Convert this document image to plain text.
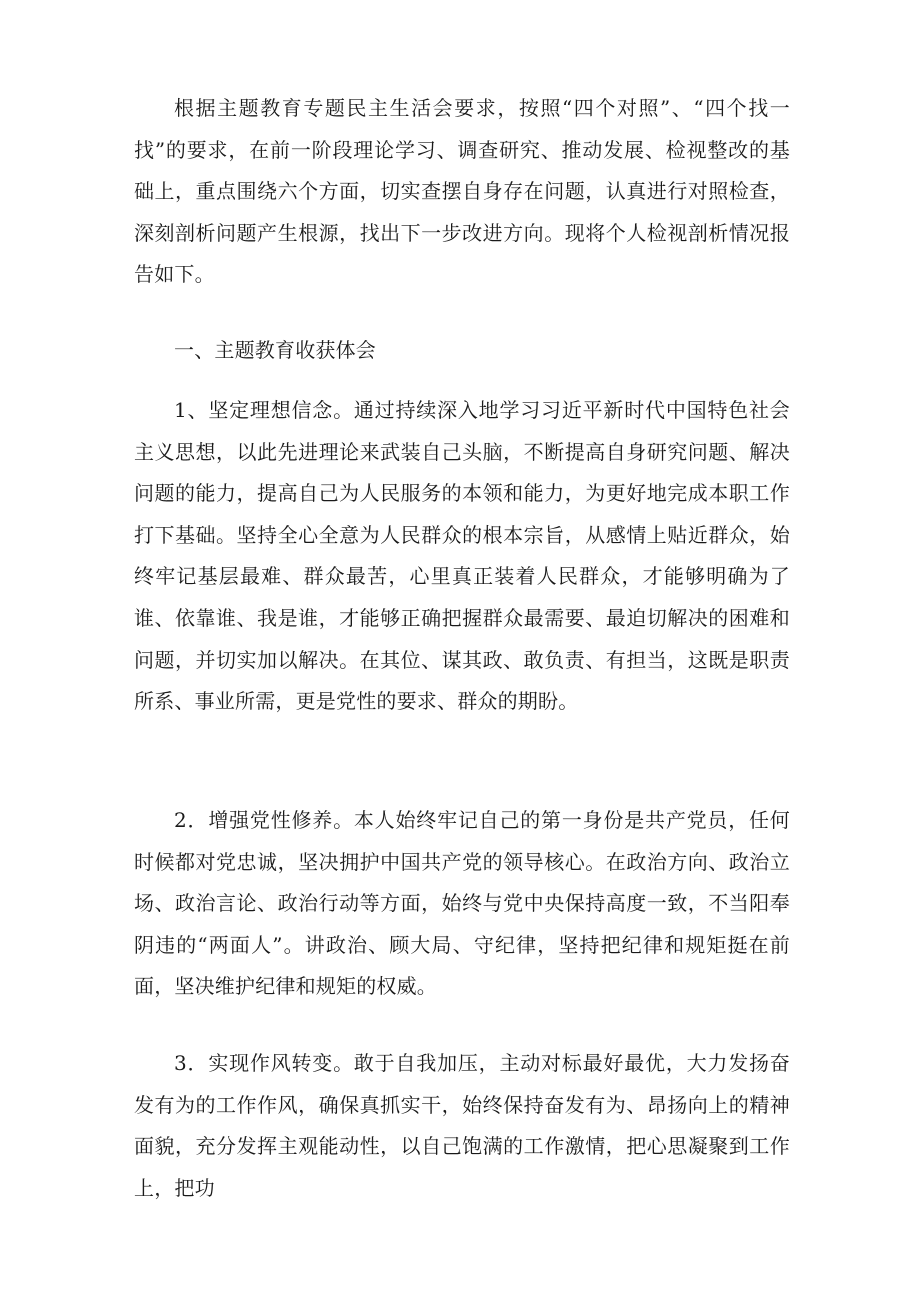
根据主题教育专题民主生活会要求，按照“四个对照”、“四个找一找”的要求，在前一阶段理论学习、调查研究、推动发展、检视整改的基础上，重点围绕六个方面，切实查摆自身存在问题，认真进行对照检查，深刻剖析问题产生根源，找出下一步改进方向。现将个人检视剖析情况报告如下。

一、主题教育收获体会

1、坚定理想信念。通过持续深入地学习习近平新时代中国特色社会主义思想，以此先进理论来武装自己头脑，不断提高自身研究问题、解决问题的能力，提高自己为人民服务的本领和能力，为更好地完成本职工作打下基础。坚持全心全意为人民群众的根本宗旨，从感情上贴近群众，始终牢记基层最难、群众最苦，心里真正装着人民群众，才能够明确为了谁、依靠谁、我是谁，才能够正确把握群众最需要、最迫切解决的困难和问题，并切实加以解决。在其位、谋其政、敢负责、有担当，这既是职责所系、事业所需，更是党性的要求、群众的期盼。

2．增强党性修养。本人始终牢记自己的第一身份是共产党员，任何时候都对党忠诚，坚决拥护中国共产党的领导核心。在政治方向、政治立场、政治言论、政治行动等方面，始终与党中央保持高度一致，不当阳奉阴违的“两面人”。讲政治、顾大局、守纪律，坚持把纪律和规矩挺在前面，坚决维护纪律和规矩的权威。

3．实现作风转变。敢于自我加压，主动对标最好最优，大力发扬奋发有为的工作作风，确保真抓实干，始终保持奋发有为、昂扬向上的精神面貌，充分发挥主观能动性，以自己饱满的工作激情，把心思凝聚到工作上，把功
